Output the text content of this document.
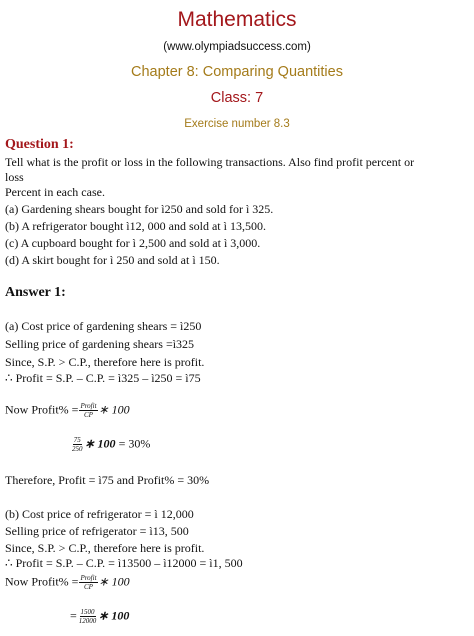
Mathematics
(www.olympiadsuccess.com)
Chapter 8: Comparing Quantities
Class: 7
Exercise number 8.3
Question 1:
Tell what is the profit or loss in the following transactions. Also find profit percent or
loss
Percent in each case.
(a) Gardening shears bought for ì250 and sold for ì 325.
(b) A refrigerator bought ì12, 000 and sold at ì 13,500.
(c) A cupboard bought for ì 2,500 and sold at ì 3,000.
(d) A skirt bought for ì 250 and sold at ì 150.
Answer 1:
(a) Cost price of gardening shears = ì250
Selling price of gardening shears =ì325
Since, S.P. > C.P., therefore here is profit.
∴ Profit = S.P. – C.P. = ì325 – ì250 = ì75
Now Profit% = $\frac{\text{Profit}}{CP}$ ∗ 100
$\frac{75}{250}$ ∗ 100 = 30%
Therefore, Profit = ì75 and Profit% = 30%
(b) Cost price of refrigerator = ì 12,000
Selling price of refrigerator = ì13, 500
Since, S.P. > C.P., therefore here is profit.
∴ Profit = S.P. – C.P. = ì13500 – ì12000 = ì1, 500
Now Profit% = $\frac{\text{Profit}}{CP}$ ∗ 100
= $\frac{1500}{12000}$ ∗ 100
